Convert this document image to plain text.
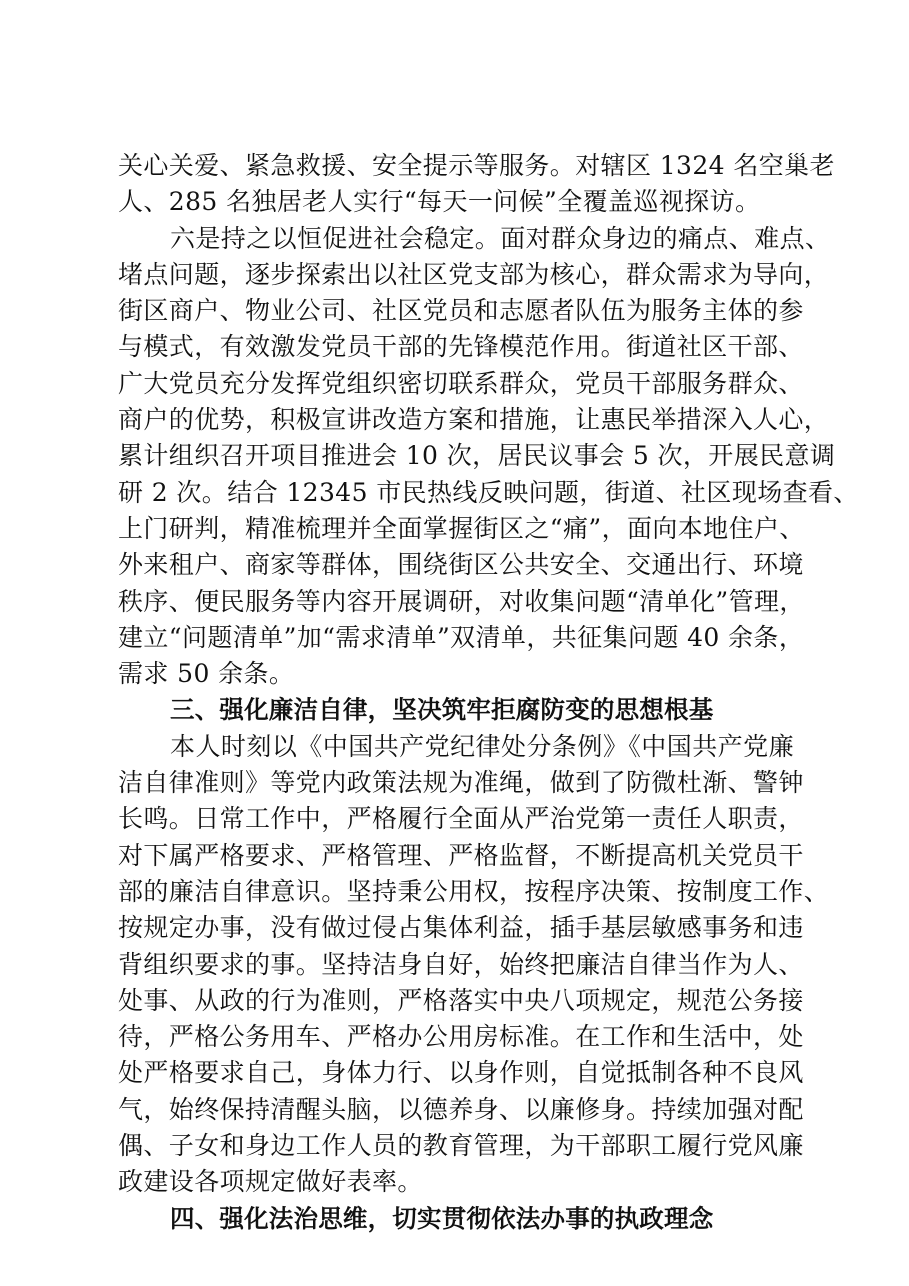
关心关爱、紧急救援、安全提示等服务。对辖区 1324 名空巢老
人、285 名独居老人实行“每天一问候”全覆盖巡视探访。
六是持之以恒促进社会稳定。面对群众身边的痛点、难点、
堵点问题，逐步探索出以社区党支部为核心，群众需求为导向，
街区商户、物业公司、社区党员和志愿者队伍为服务主体的参
与模式，有效激发党员干部的先锋模范作用。街道社区干部、
广大党员充分发挥党组织密切联系群众，党员干部服务群众、
商户的优势，积极宣讲改造方案和措施，让惠民举措深入人心，
累计组织召开项目推进会 10 次，居民议事会 5 次，开展民意调
研 2 次。结合 12345 市民热线反映问题，街道、社区现场查看、
上门研判，精准梳理并全面掌握街区之“痛”，面向本地住户、
外来租户、商家等群体，围绕街区公共安全、交通出行、环境
秩序、便民服务等内容开展调研，对收集问题“清单化”管理，
建立“问题清单”加“需求清单”双清单，共征集问题 40 余条，
需求 50 余条。
三、强化廉洁自律，坚决筑牢拒腐防变的思想根基
本人时刻以《中国共产党纪律处分条例》《中国共产党廉
洁自律准则》等党内政策法规为准绳，做到了防微杜渐、警钟
长鸣。日常工作中，严格履行全面从严治党第一责任人职责，
对下属严格要求、严格管理、严格监督，不断提高机关党员干
部的廉洁自律意识。坚持秉公用权，按程序决策、按制度工作、
按规定办事，没有做过侵占集体利益，插手基层敏感事务和违
背组织要求的事。坚持洁身自好，始终把廉洁自律当作为人、
处事、从政的行为准则，严格落实中央八项规定，规范公务接
待，严格公务用车、严格办公用房标准。在工作和生活中，处
处严格要求自己，身体力行、以身作则，自觉抵制各种不良风
气，始终保持清醒头脑，以德养身、以廉修身。持续加强对配
偶、子女和身边工作人员的教育管理，为干部职工履行党风廉
政建设各项规定做好表率。
四、强化法治思维，切实贯彻依法办事的执政理念
